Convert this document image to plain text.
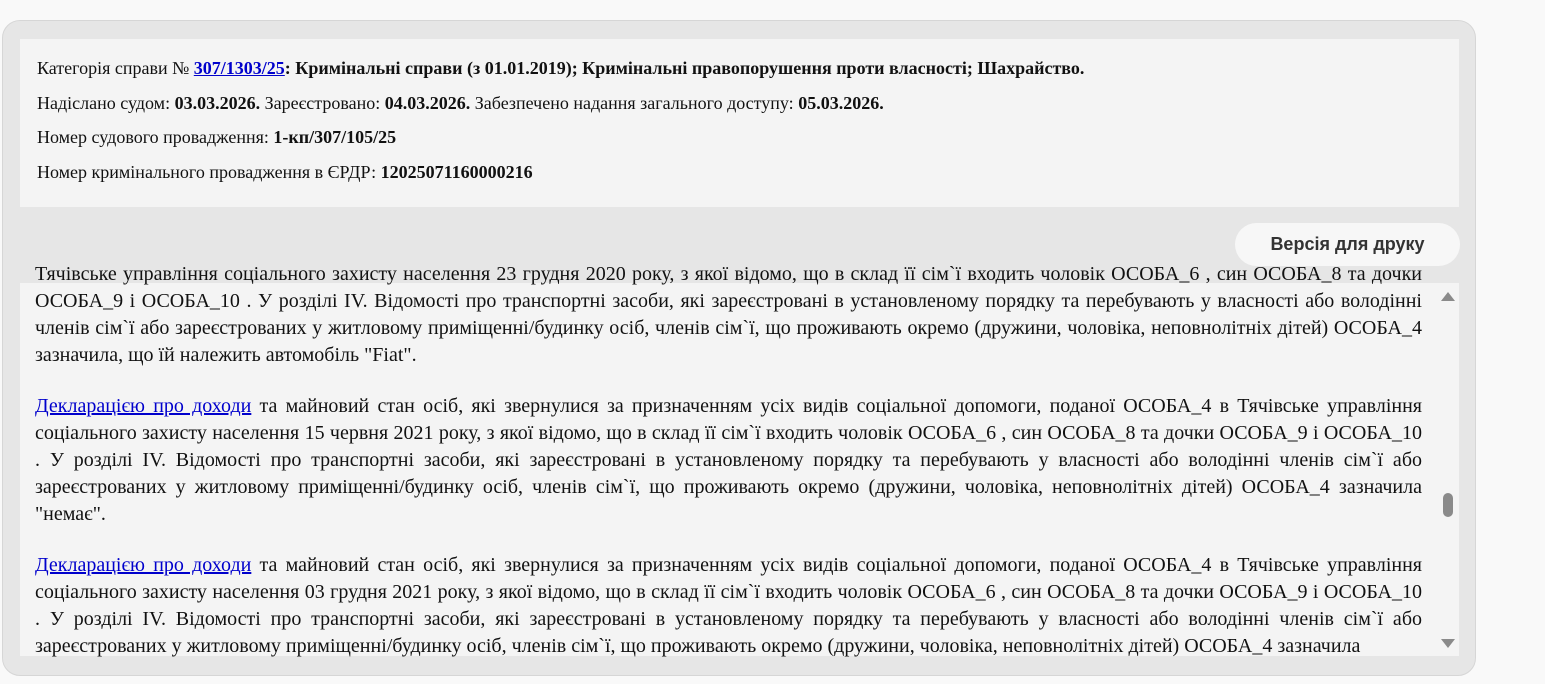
Категорія справи № 307/1303/25: Кримінальні справи (з 01.01.2019); Кримінальні правопорушення проти власності; Шахрайство.
Надіслано судом: 03.03.2026. Зареєстровано: 04.03.2026. Забезпечено надання загального доступу: 05.03.2026.
Номер судового провадження: 1-кп/307/105/25
Номер кримінального провадження в ЄРДР: 12025071160000216
Версія для друку

Тячівське управління соціального захисту населення 23 грудня 2020 року, з якої відомо, що в склад її сім`ї входить чоловік ОСОБА_6 , син ОСОБА_8 та дочки ОСОБА_9 і ОСОБА_10 . У розділі IV. Відомості про транспортні засоби, які зареєстровані в установленому порядку та перебувають у власності або володінні членів сім`ї або зареєстрованих у житловому приміщенні/будинку осіб, членів сім`ї, що проживають окремо (дружини, чоловіка, неповнолітніх дітей) ОСОБА_4 зазначила, що їй належить автомобіль "Fiat".

Декларацією про доходи та майновий стан осіб, які звернулися за призначенням усіх видів соціальної допомоги, поданої ОСОБА_4 в Тячівське управління соціального захисту населення 15 червня 2021 року, з якої відомо, що в склад її сім`ї входить чоловік ОСОБА_6 , син ОСОБА_8 та дочки ОСОБА_9 і ОСОБА_10 . У розділі IV. Відомості про транспортні засоби, які зареєстровані в установленому порядку та перебувають у власності або володінні членів сім`ї або зареєстрованих у житловому приміщенні/будинку осіб, членів сім`ї, що проживають окремо (дружини, чоловіка, неповнолітніх дітей) ОСОБА_4 зазначила "немає".

Декларацією про доходи та майновий стан осіб, які звернулися за призначенням усіх видів соціальної допомоги, поданої ОСОБА_4 в Тячівське управління соціального захисту населення 03 грудня 2021 року, з якої відомо, що в склад її сім`ї входить чоловік ОСОБА_6 , син ОСОБА_8 та дочки ОСОБА_9 і ОСОБА_10 . У розділі IV. Відомості про транспортні засоби, які зареєстровані в установленому порядку та перебувають у власності або володінні членів сім`ї або зареєстрованих у житловому приміщенні/будинку осіб, членів сім`ї, що проживають окремо (дружини, чоловіка, неповнолітніх дітей) ОСОБА_4 зазначила
